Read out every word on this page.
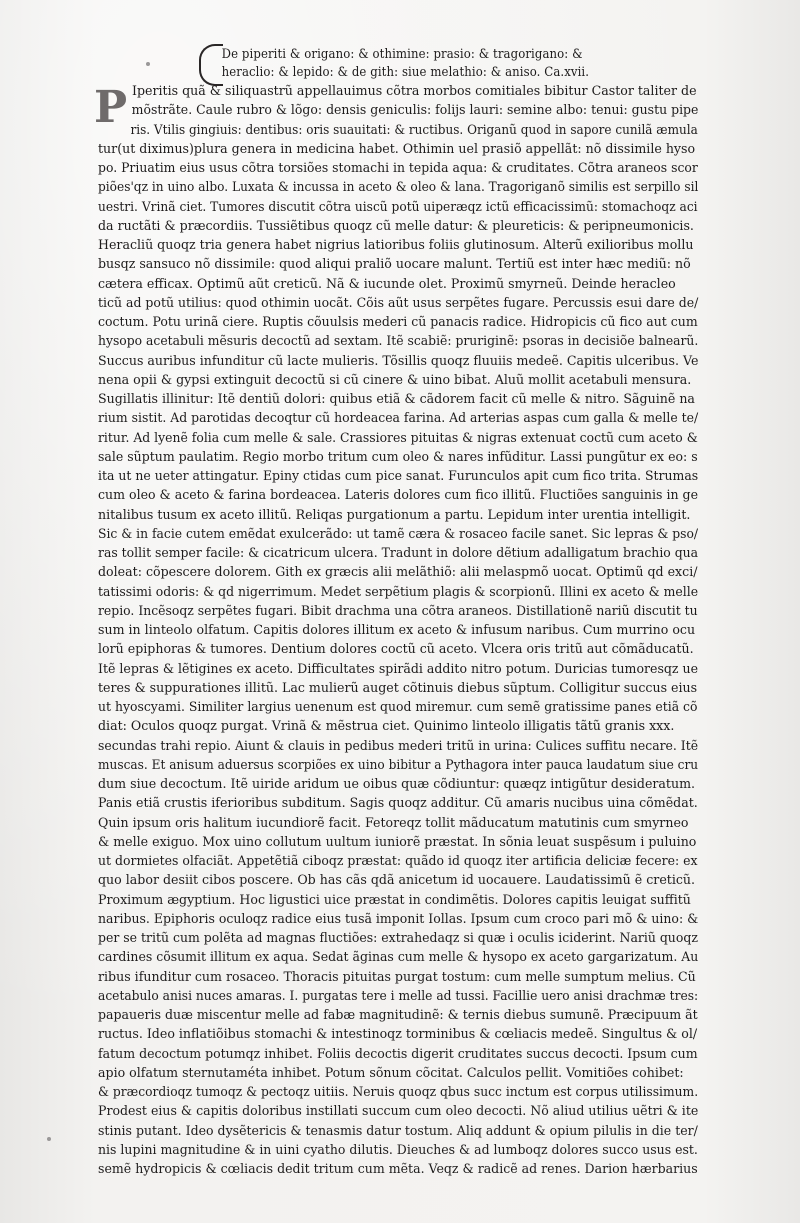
De piperiti & origano: & othimine: prasio: & tragorigano: &
heraclio: & lepido: & de gith: siue melathio: & aniso. Ca.xvii.
P Iperitis quã & siliquastrũ appellauimus cõtra morbos comitiales bibitur Castor taliter de
mõstrãte. Caule rubro & lõgo: densis geniculis: folijs lauri: semine albo: tenui: gustu pipe
ris. Vtilis gingiuis: dentibus: oris suauitati: & ructibus. Origanũ quod in sapore cunilã æmula
tur(ut diximus)plura genera in medicina habet. Othimin uel prasiõ appellãt: nõ dissimile hyso
po. Priuatim eius usus cõtra torsiões stomachi in tepida aqua: & cruditates. Cõtra araneos scor
piões'qz in uino albo. Luxata & incussa in aceto & oleo & lana. Tragoriganõ similis est serpillo sil
uestri. Vrinã ciet. Tumores discutit cõtra uiscũ potũ uiperæqz ictũ efficacissimũ: stomachoqz aci
da ructãti & præcordiis. Tussiẽtibus quoqz cũ melle datur: & pleureticis: & peripneumonicis.
Heracliũ quoqz tria genera habet nigrius latioribus foliis glutinosum. Alterũ exilioribus mollu
busqz sansuco nõ dissimile: quod aliqui praliõ uocare malunt. Tertiũ est inter hæc mediũ: nõ
cætera efficax. Optimũ aũt creticũ. Nã & iucunde olet. Proximũ smyrneũ. Deinde heracleo
ticũ ad potũ utilius: quod othimin uocãt. Cõis aũt usus serpẽtes fugare. Percussis esui dare de/
coctum. Potu urinã ciere. Ruptis cõuulsis mederi cũ panacis radice. Hidropicis cũ fico aut cum
hysopo acetabuli mẽsuris decoctũ ad sextam. Itẽ scabiẽ: pruriginẽ: psoras in decisiõe balnearũ.
Succus auribus infunditur cũ lacte mulieris. Tõsillis quoqz fluuiis medeẽ. Capitis ulceribus. Ve
nena opii & gypsi extinguit decoctũ si cũ cinere & uino bibat. Aluũ mollit acetabuli mensura.
Sugillatis illinitur: Itẽ dentiũ dolori: quibus etiã & cãdorem facit cũ melle & nitro. Sãguinẽ na
rium sistit. Ad parotidas decoqtur cũ hordeacea farina. Ad arterias aspas cum galla & melle te/
ritur. Ad lyenẽ folia cum melle & sale. Crassiores pituitas & nigras extenuat coctũ cum aceto &
sale sũptum paulatim. Regio morbo tritum cum oleo & nares infũditur. Lassi pungũtur ex eo: s
ita ut ne ueter attingatur. Epiny ctidas cum pice sanat. Furunculos apit cum fico trita. Strumas
cum oleo & aceto & farina bordeacea. Lateris dolores cum fico illitũ. Fluctiões sanguinis in ge
nitalibus tusum ex aceto illitũ. Reliqas purgationum a partu. Lepidum inter urentia intelligit.
Sic & in facie cutem emẽdat exulcerãdo: ut tamẽ cæra & rosaceo facile sanet. Sic lepras & pso/
ras tollit semper facile: & cicatricum ulcera. Tradunt in dolore dẽtium adalligatum brachio qua
doleat: cõpescere dolorem. Gith ex græcis alii melãthiõ: alii melaspmõ uocat. Optimũ qd exci/
tatissimi odoris: & qd nigerrimum. Medet serpẽtium plagis & scorpionũ. Illini ex aceto & melle
repio. Incẽsoqz serpẽtes fugari. Bibit drachma una cõtra araneos. Distillationẽ nariũ discutit tu
sum in linteolo olfatum. Capitis dolores illitum ex aceto & infusum naribus. Cum murrino ocu
lorũ epiphoras & tumores. Dentium dolores coctũ cũ aceto. Vlcera oris tritũ aut cõmãducatũ.
Itẽ lepras & lẽtigines ex aceto. Difficultates spirãdi addito nitro potum. Duricias tumoresqz ue
teres & suppurationes illitũ. Lac mulierũ auget cõtinuis diebus sũptum. Colligitur succus eius
ut hyoscyami. Similiter largius uenenum est quod miremur. cum semẽ gratissime panes etiã cõ
diat: Oculos quoqz purgat. Vrinã & mẽstrua ciet. Quinimo linteolo illigatis tãtũ granis xxx.
secundas trahi repio. Aiunt & clauis in pedibus mederi tritũ in urina: Culices suffitu necare. Itẽ
muscas. Et anisum aduersus scorpiões ex uino bibitur a Pythagora inter pauca laudatum siue cru
dum siue decoctum. Itẽ uiride aridum ue oibus quæ cõdiuntur: quæqz intigũtur desideratum.
Panis etiã crustis iferioribus subditum. Sagis quoqz additur. Cũ amaris nucibus uina cõmẽdat.
Quin ipsum oris halitum iucundiorẽ facit. Fetoreqz tollit mãducatum matutinis cum smyrneo
& melle exiguo. Mox uino collutum uultum iuniorẽ præstat. In sõnia leuat suspẽsum i puluino
ut dormietes olfaciãt. Appetẽtiã ciboqz præstat: quãdo id quoqz iter artificia deliciæ fecere: ex
quo labor desiit cibos poscere. Ob has cãs qdã anicetum id uocauere. Laudatissimũ ẽ creticũ.
Proximum ægyptium. Hoc ligustici uice præstat in condimẽtis. Dolores capitis leuigat suffitũ
naribus. Epiphoris oculoqz radice eius tusã imponit Iollas. Ipsum cum croco pari mõ & uino: &
per se tritũ cum polẽta ad magnas fluctiões: extrahedaqz si quæ i oculis iciderint. Nariũ quoqz
cardines cõsumit illitum ex aqua. Sedat ãginas cum melle & hysopo ex aceto gargarizatum. Au
ribus ifunditur cum rosaceo. Thoracis pituitas purgat tostum: cum melle sumptum melius. Cũ
acetabulo anisi nuces amaras. I. purgatas tere i melle ad tussi. Facillie uero anisi drachmæ tres:
papaueris duæ miscentur melle ad fabæ magnitudinẽ: & ternis diebus sumunẽ. Præcipuum ãt
ructus. Ideo inflatiõibus stomachi & intestinoqz torminibus & cœliacis medeẽ. Singultus & ol/
fatum decoctum potumqz inhibet. Foliis decoctis digerit cruditates succus decocti. Ipsum cum
apio olfatum sternutaméta inhibet. Potum sõnum cõcitat. Calculos pellit. Vomitiões cohibet:
& præcordioqz tumoqz & pectoqz uitiis. Neruis quoqz qbus succ inctum est corpus utilissimum.
Prodest eius & capitis doloribus instillati succum cum oleo decocti. Nõ aliud utilius uẽtri & ite
stinis putant. Ideo dysẽtericis & tenasmis datur tostum. Aliq addunt & opium pilulis in die ter/
nis lupini magnitudine & in uini cyatho dilutis. Dieuches & ad lumboqz dolores succo usus est.
semẽ hydropicis & cœliacis dedit tritum cum mẽta. Veqz & radicẽ ad renes. Darion hærbarius
